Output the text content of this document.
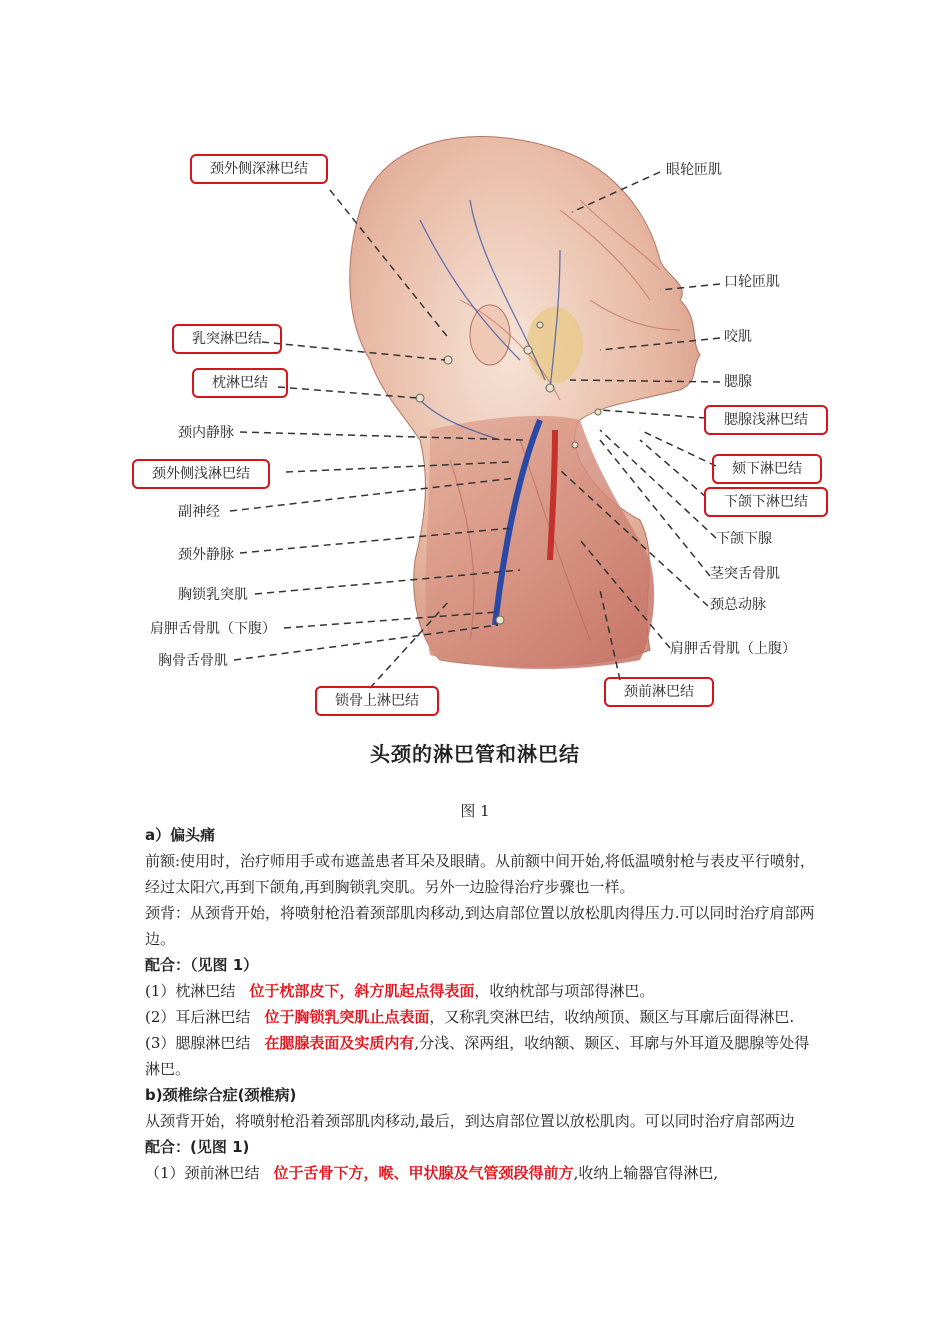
颈外侧深淋巴结
乳突淋巴结
枕淋巴结
颈内静脉
颈外侧浅淋巴结
副神经
颈外静脉
胸锁乳突肌
肩胛舌骨肌（下腹）
胸骨舌骨肌
锁骨上淋巴结
眼轮匝肌
口轮匝肌
咬肌
腮腺
腮腺浅淋巴结
颏下淋巴结
下颌下淋巴结
下颌下腺
茎突舌骨肌
颈总动脉
肩胛舌骨肌（上腹）
颈前淋巴结
头颈的淋巴管和淋巴结
图 1

a）偏头痛

前额:使用时，治疗师用手或布遮盖患者耳朵及眼睛。从前额中间开始,将低温喷射枪与表皮平行喷射，经过太阳穴,再到下颌角,再到胸锁乳突肌。另外一边脸得治疗步骤也一样。

颈背：从颈背开始，将喷射枪沿着颈部肌肉移动,到达肩部位置以放松肌肉得压力.可以同时治疗肩部两边。

配合：（见图 1）

(1）枕淋巴结 位于枕部皮下，斜方肌起点得表面，收纳枕部与项部得淋巴。

(2）耳后淋巴结 位于胸锁乳突肌止点表面，又称乳突淋巴结，收纳颅顶、颞区与耳廓后面得淋巴.

(3）腮腺淋巴结 在腮腺表面及实质内有,分浅、深两组，收纳额、颞区、耳廓与外耳道及腮腺等处得淋巴。

b)颈椎综合症(颈椎病)

从颈背开始，将喷射枪沿着颈部肌肉移动,最后，到达肩部位置以放松肌肉。可以同时治疗肩部两边

配合：(见图 1)

（1）颈前淋巴结 位于舌骨下方，喉、甲状腺及气管颈段得前方,收纳上输器官得淋巴,
